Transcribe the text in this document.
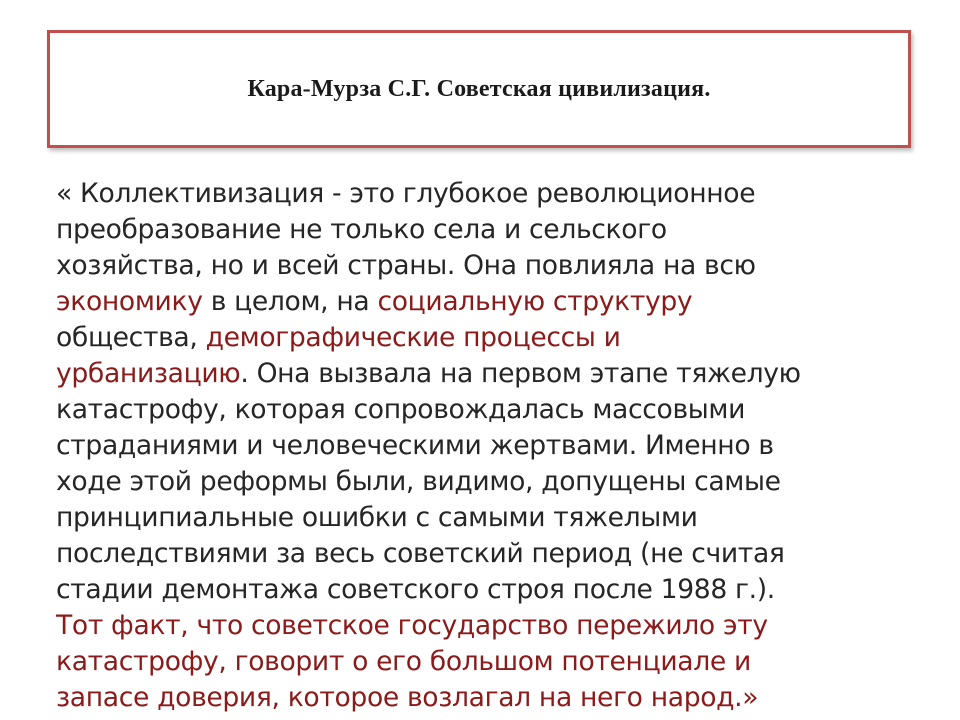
Кара-Мурза С.Г. Советская цивилизация.

« Коллективизация - это глубокое революционное
преобразование не только села и сельского
хозяйства, но и всей страны. Она повлияла на всю
экономику в целом, на социальную структуру
общества, демографические процессы и
урбанизацию. Она вызвала на первом этапе тяжелую
катастрофу, которая сопровождалась массовыми
страданиями и человеческими жертвами. Именно в
ходе этой реформы были, видимо, допущены самые
принципиальные ошибки с самыми тяжелыми
последствиями за весь советский период (не считая
стадии демонтажа советского строя после 1988 г.).
Тот факт, что советское государство пережило эту
катастрофу, говорит о его большом потенциале и
запасе доверия, которое возлагал на него народ.»
